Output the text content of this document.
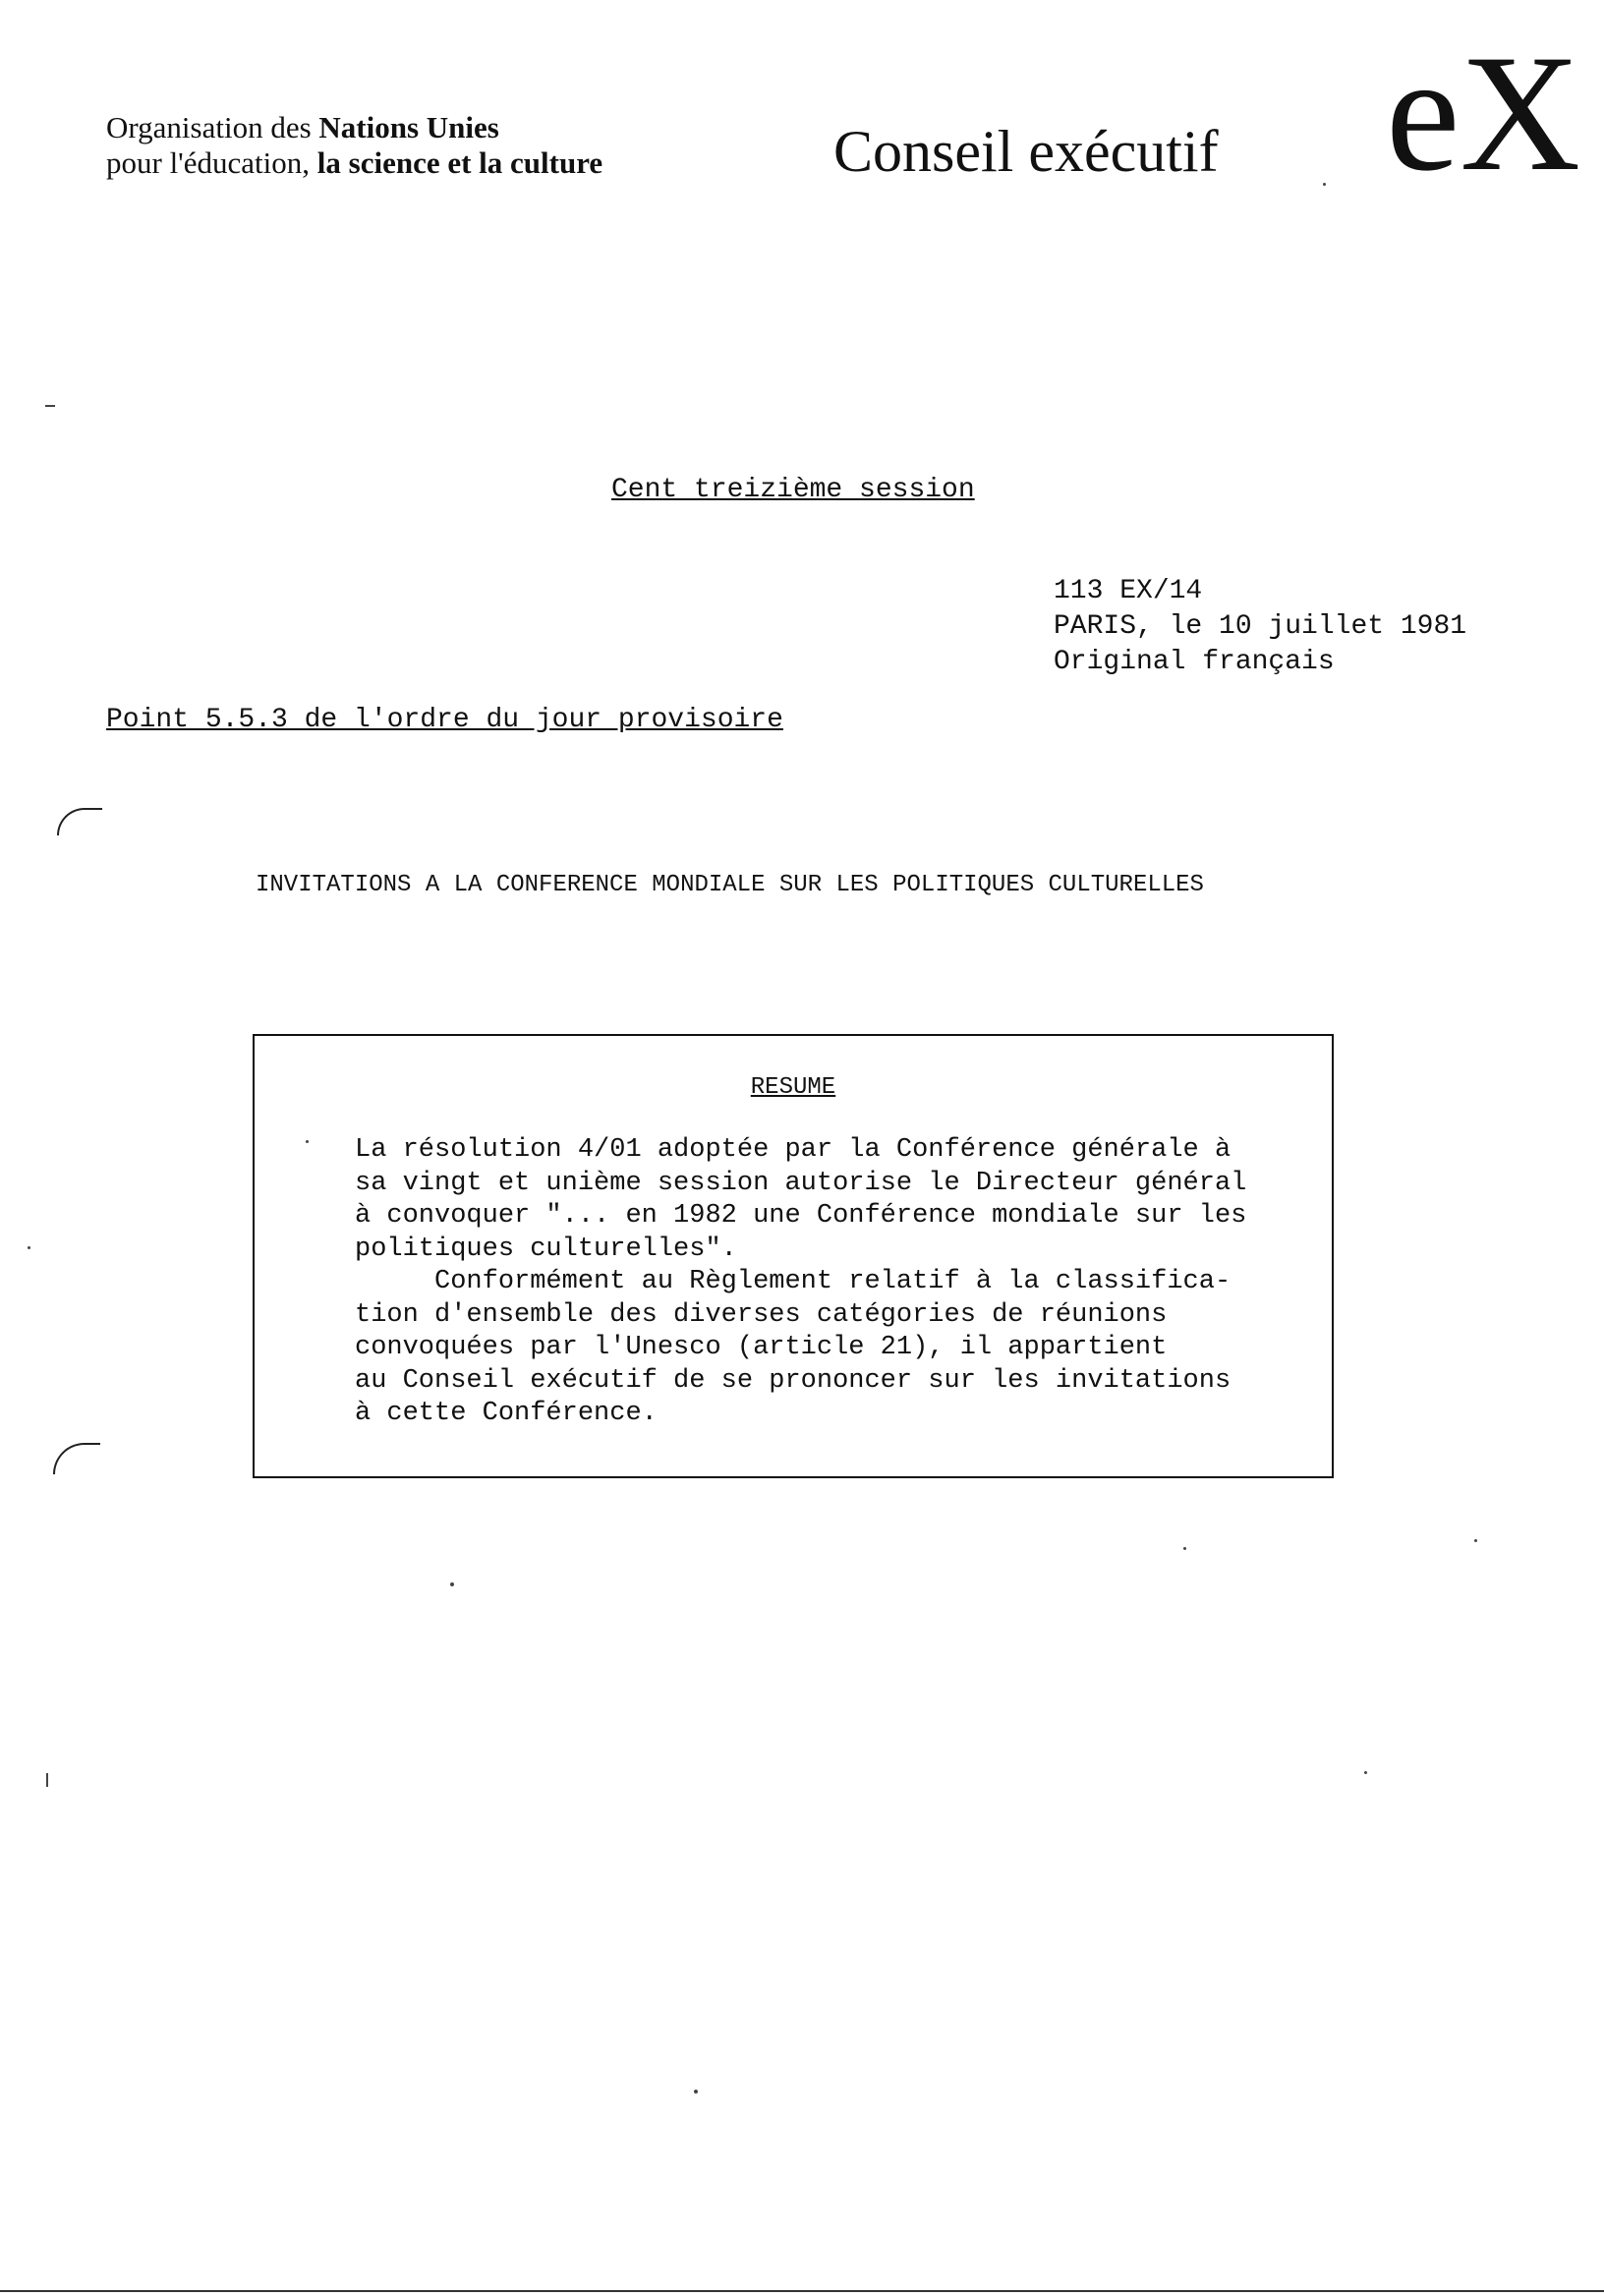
Organisation des Nations Unies
pour l'éducation, la science et la culture	Conseil exécutif eX
Cent treizième session
113 EX/14
PARIS, le 10 juillet 1981
Original français
Point 5.5.3 de l'ordre du jour provisoire
INVITATIONS A LA CONFERENCE MONDIALE SUR LES POLITIQUES CULTURELLES
RESUME
La résolution 4/01 adoptée par la Conférence générale à
sa vingt et unième session autorise le Directeur général
à convoquer "... en 1982 une Conférence mondiale sur les
politiques culturelles".
Conformément au Règlement relatif à la classifica-
tion d'ensemble des diverses catégories de réunions
convoquées par l'Unesco (article 21), il appartient
au Conseil exécutif de se prononcer sur les invitations
à cette Conférence.
